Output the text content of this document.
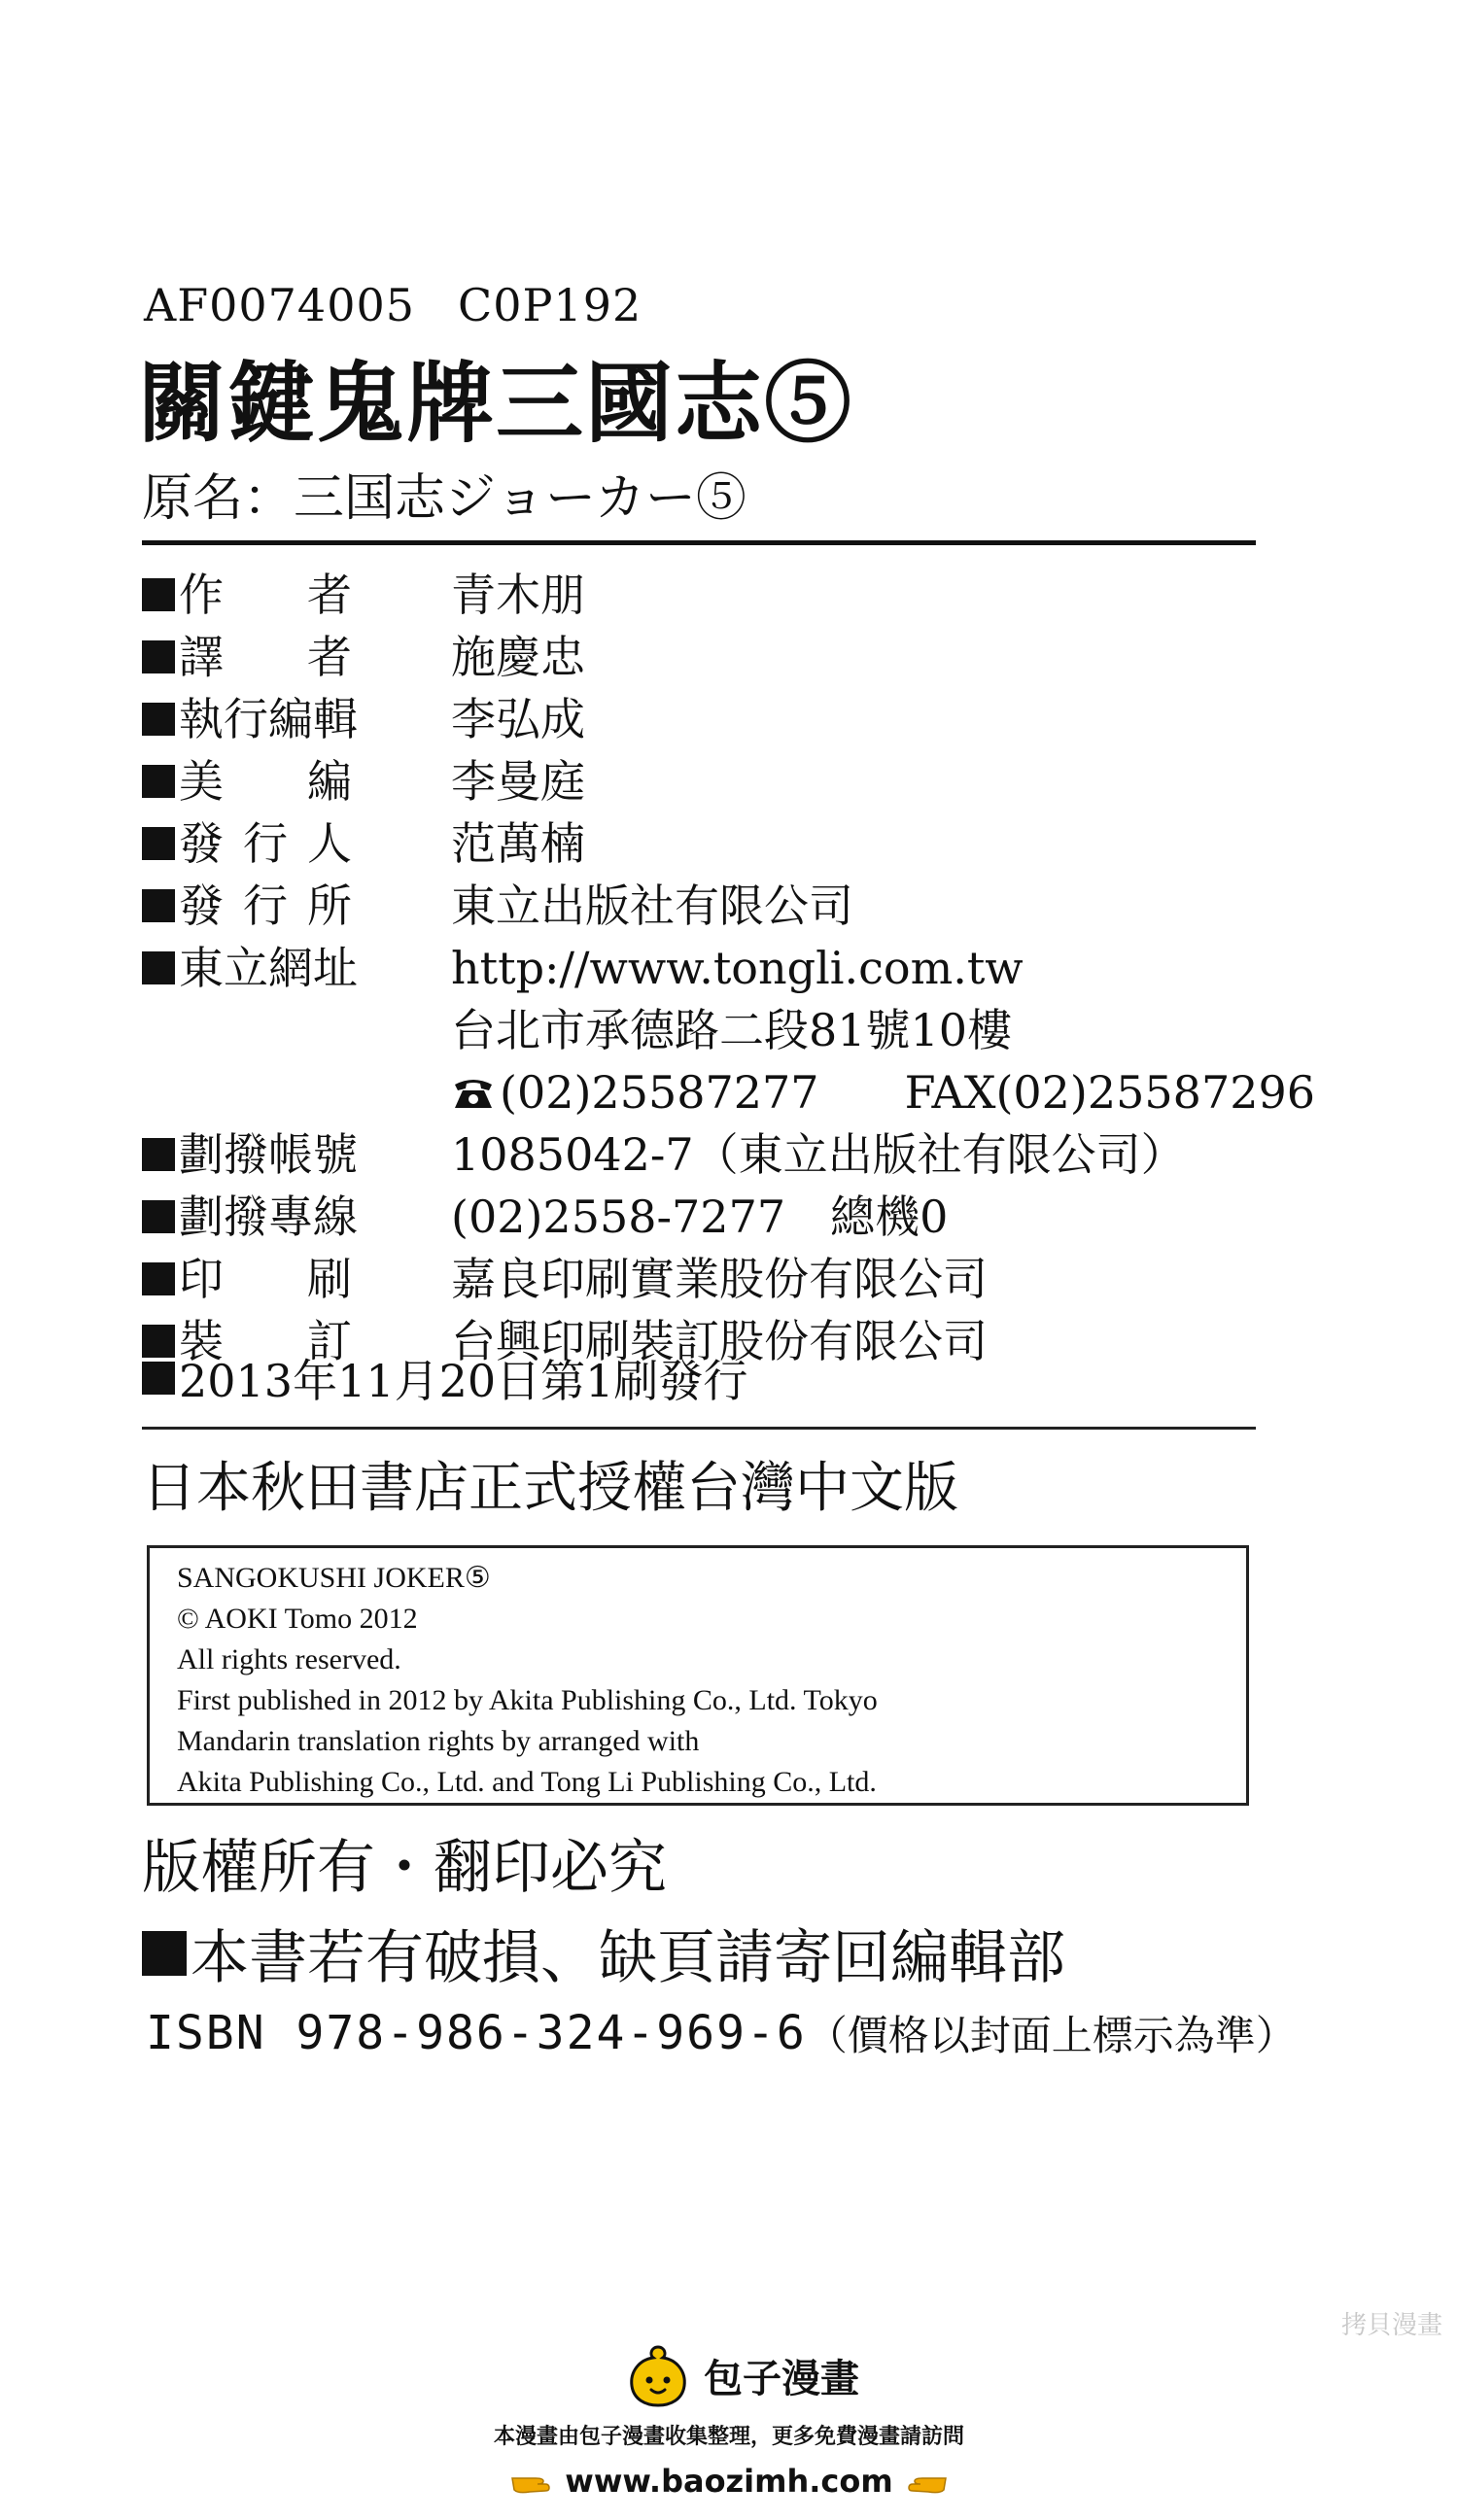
AF0074005 C0P192
關鍵鬼牌三國志⑤
原名：三国志ジョーカー⑤
作 者 青木朋
譯 者 施慶忠
執行編輯 李弘成
美 編 李曼庭
發 行 人 范萬楠
發 行 所 東立出版社有限公司
東立網址 http://www.tongli.com.tw
台北市承德路二段81號10樓
(02)25587277 FAX(02)25587296
劃撥帳號 1085042-7（東立出版社有限公司）
劃撥專線 (02)2558-7277　總機0
印 刷 嘉良印刷實業股份有限公司
裝 訂 台興印刷裝訂股份有限公司
2013年11月20日第1刷發行
日本秋田書店正式授權台灣中文版
SANGOKUSHI JOKER⑤
© AOKI Tomo 2012
All rights reserved.
First published in 2012 by Akita Publishing Co., Ltd. Tokyo
Mandarin translation rights by arranged with
Akita Publishing Co., Ltd. and Tong Li Publishing Co., Ltd.
版權所有・翻印必究
本書若有破損、缺頁請寄回編輯部
ISBN 978-986-324-969-6 （價格以封面上標示為準）
拷貝漫畫
包子漫畫
本漫畫由包子漫畫收集整理，更多免費漫畫請訪問
www.baozimh.com
